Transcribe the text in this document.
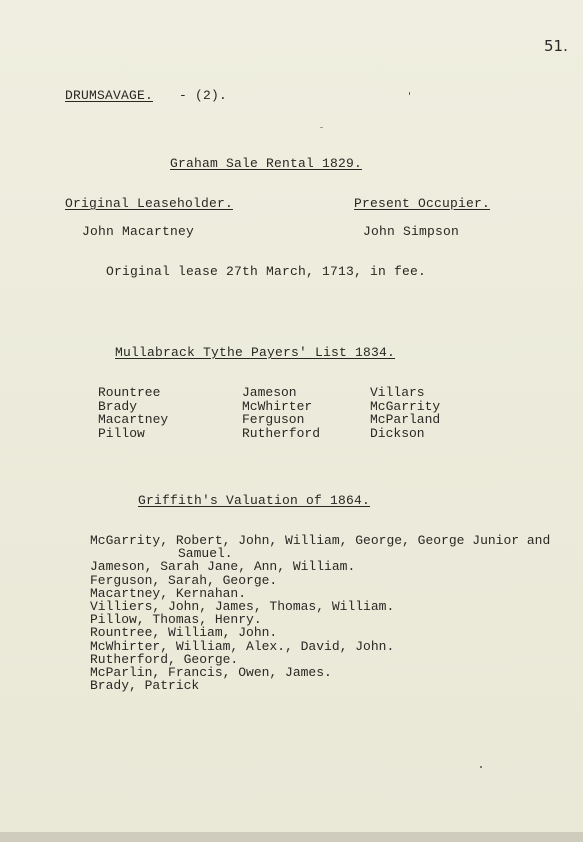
51.
DRUMSAVAGE. - (2).
Graham Sale Rental 1829.
Original Leaseholder.	Present Occupier.
John Macartney	John Simpson
Original lease 27th March, 1713, in fee.
Mullabrack Tythe Payers' List 1834.
Rountree
Brady
Macartney
Pillow
Jameson
McWhirter
Ferguson
Rutherford
Villars
McGarrity
McParland
Dickson
Griffith's Valuation of 1864.
McGarrity, Robert, John, William, George, George Junior and
Samuel.
Jameson, Sarah Jane, Ann, William.
Ferguson, Sarah, George.
Macartney, Kernahan.
Villiers, John, James, Thomas, William.
Pillow, Thomas, Henry.
Rountree, William, John.
McWhirter, William, Alex., David, John.
Rutherford, George.
McParlin, Francis, Owen, James.
Brady, Patrick
